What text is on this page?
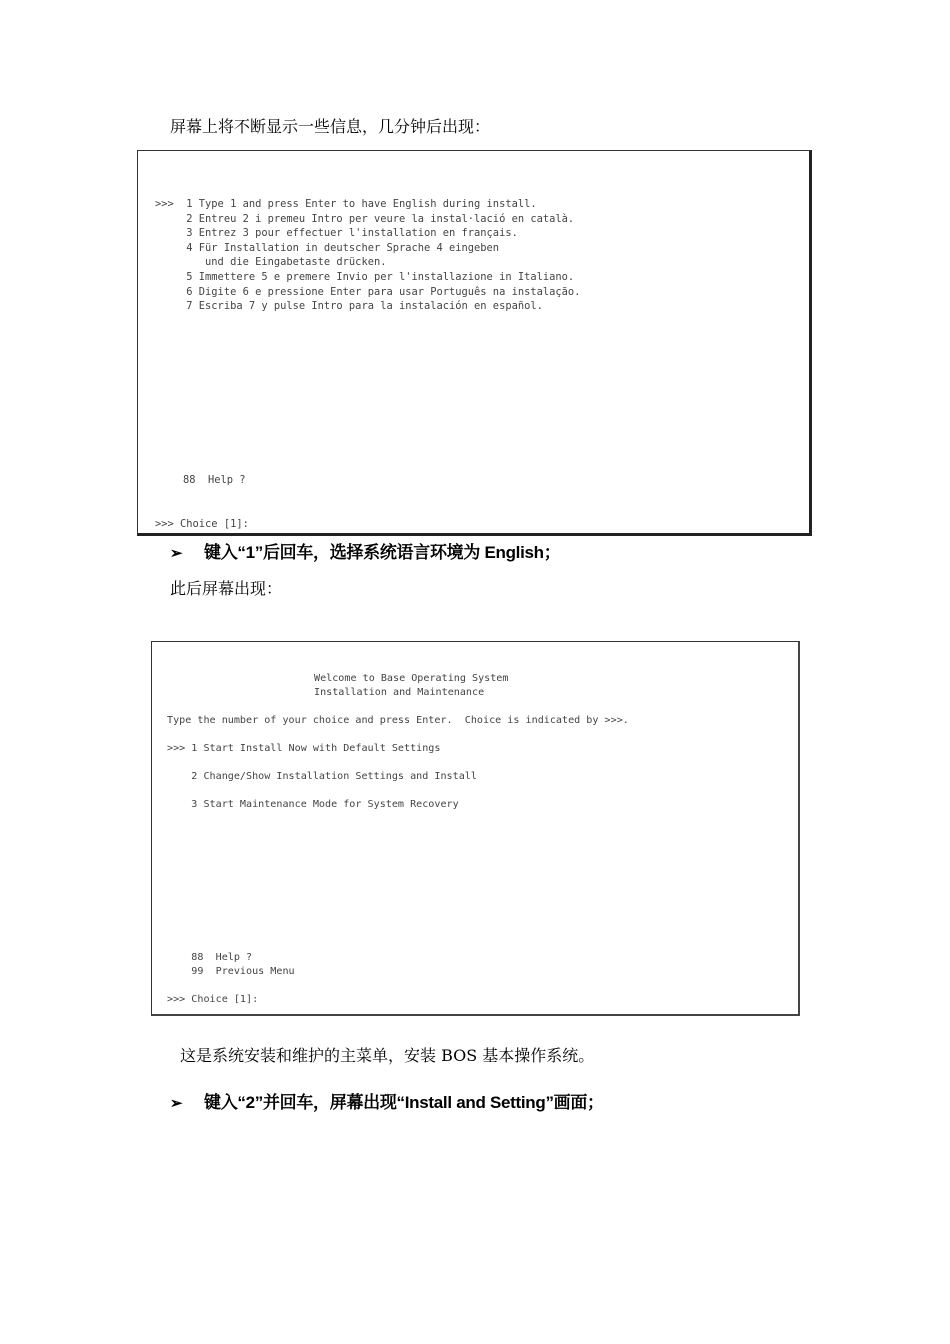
屏幕上将不断显示一些信息，几分钟后出现：
>>>  1 Type 1 and press Enter to have English during install.
2 Entreu 2 i premeu Intro per veure la instal·lació en català.
3 Entrez 3 pour effectuer l'installation en français.
4 Für Installation in deutscher Sprache 4 eingeben
und die Eingabetaste drücken.
5 Immettere 5 e premere Invio per l'installazione in Italiano.
6 Digite 6 e pressione Enter para usar Português na instalação.
7 Escriba 7 y pulse Intro para la instalación en español.
88  Help ?
>>> Choice [1]:
➢ 键入“1”后回车，选择系统语言环境为 English；
此后屏幕出现：
Welcome to Base Operating System
Installation and Maintenance
Type the number of your choice and press Enter.  Choice is indicated by >>>.
>>> 1 Start Install Now with Default Settings
2 Change/Show Installation Settings and Install
3 Start Maintenance Mode for System Recovery
88  Help ?
99  Previous Menu
>>> Choice [1]:
这是系统安装和维护的主菜单，安装 BOS 基本操作系统。
➢ 键入“2”并回车，屏幕出现“Install and Setting”画面；
